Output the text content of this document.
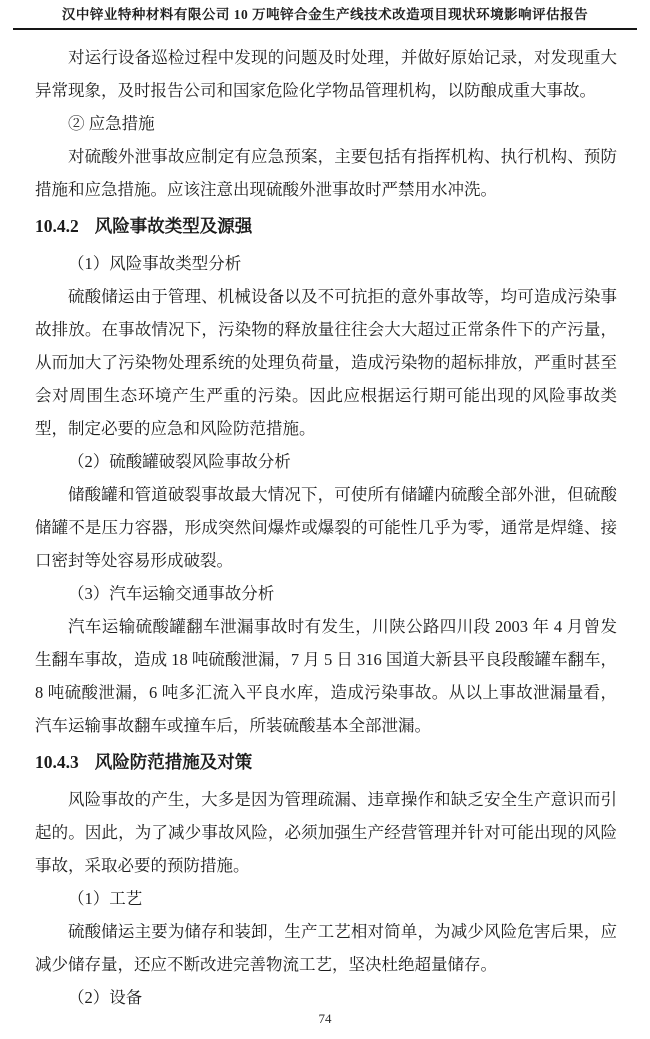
汉中锌业特种材料有限公司 10 万吨锌合金生产线技术改造项目现状环境影响评估报告

对运行设备巡检过程中发现的问题及时处理，并做好原始记录，对发现重大异常现象，及时报告公司和国家危险化学物品管理机构，以防酿成重大事故。

② 应急措施

对硫酸外泄事故应制定有应急预案，主要包括有指挥机构、执行机构、预防措施和应急措施。应该注意出现硫酸外泄事故时严禁用水冲洗。

10.4.2 风险事故类型及源强

（1）风险事故类型分析

硫酸储运由于管理、机械设备以及不可抗拒的意外事故等，均可造成污染事故排放。在事故情况下，污染物的释放量往往会大大超过正常条件下的产污量，从而加大了污染物处理系统的处理负荷量，造成污染物的超标排放，严重时甚至会对周围生态环境产生严重的污染。因此应根据运行期可能出现的风险事故类型，制定必要的应急和风险防范措施。

（2）硫酸罐破裂风险事故分析

储酸罐和管道破裂事故最大情况下，可使所有储罐内硫酸全部外泄，但硫酸储罐不是压力容器，形成突然间爆炸或爆裂的可能性几乎为零，通常是焊缝、接口密封等处容易形成破裂。

（3）汽车运输交通事故分析

汽车运输硫酸罐翻车泄漏事故时有发生，川陕公路四川段 2003 年 4 月曾发生翻车事故，造成 18 吨硫酸泄漏，7 月 5 日 316 国道大新县平良段酸罐车翻车，8 吨硫酸泄漏，6 吨多汇流入平良水库，造成污染事故。从以上事故泄漏量看，汽车运输事故翻车或撞车后，所装硫酸基本全部泄漏。

10.4.3 风险防范措施及对策

风险事故的产生，大多是因为管理疏漏、违章操作和缺乏安全生产意识而引起的。因此，为了减少事故风险，必须加强生产经营管理并针对可能出现的风险事故，采取必要的预防措施。

（1）工艺

硫酸储运主要为储存和装卸，生产工艺相对简单，为减少风险危害后果，应减少储存量，还应不断改进完善物流工艺，坚决杜绝超量储存。

（2）设备

74
